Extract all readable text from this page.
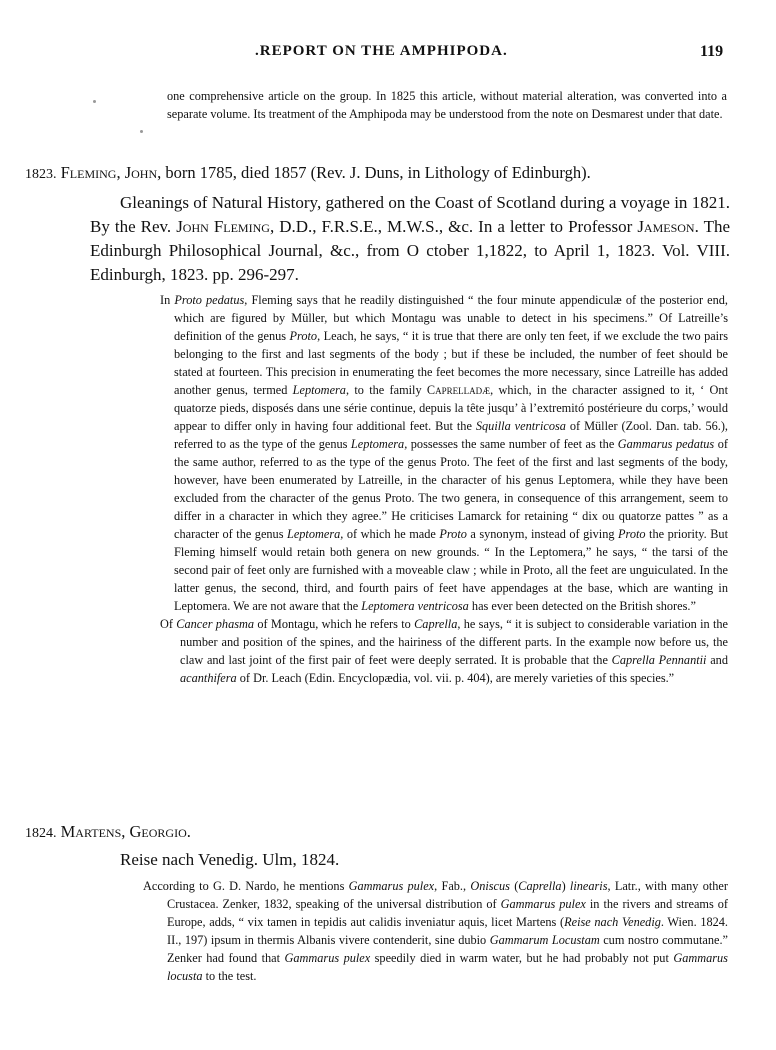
.REPORT ON THE AMPHIPODA.	119
one comprehensive article on the group. In 1825 this article, without material alteration, was converted into a separate volume. Its treatment of the Amphipoda may be understood from the note on Desmarest under that date.
1823. Fleming, John, born 1785, died 1857 (Rev. J. Duns, in Lithology of Edinburgh).
Gleanings of Natural History, gathered on the Coast of Scotland during a voyage in 1821. By the Rev. John Fleming, D.D., F.R.S.E., M.W.S., &c. In a letter to Professor Jameson. The Edinburgh Philosophical Journal, &c., from O ctober 1,1822, to April 1, 1823. Vol. VIII. Edinburgh, 1823. pp. 296-297.

In Proto pedatus, Fleming says that he readily distinguished “ the four minute appendiculæ of the posterior end, which are figured by Müller, but which Montagu was unable to detect in his specimens.” Of Latreille’s definition of the genus Proto, Leach, he says, “ it is true that there are only ten feet, if we exclude the two pairs belonging to the first and last segments of the body ; but if these be included, the number of feet should be stated at fourteen. This precision in enumerating the feet becomes the more necessary, since Latreille has added another genus, termed Leptomera, to the family Caprelladæ, which, in the character assigned to it, ‘ Ont quatorze pieds, disposés dans une série continue, depuis la tête jusqu’ à l’extremitó postérieure du corps,’ would appear to differ only in having four additional feet. But the Squilla ventricosa of Müller (Zool. Dan. tab. 56.), referred to as the type of the genus Leptomera, possesses the same number of feet as the Gammarus pedatus of the same author, referred to as the type of the genus Proto. The feet of the first and last segments of the body, however, have been enumerated by Latreille, in the character of his genus Leptomera, while they have been excluded from the character of the genus Proto. The two genera, in consequence of this arrangement, seem to differ in a character in which they agree.” He criticises Lamarck for retaining “ dix ou quatorze pattes ” as a character of the genus Leptomera, of which he made Proto a synonym, instead of giving Proto the priority. But Fleming himself would retain both genera on new grounds. “ In the Leptomera,” he says, “ the tarsi of the second pair of feet only are furnished with a moveable claw ; while in Proto, all the feet are unguiculated. In the latter genus, the second, third, and fourth pairs of feet have appendages at the base, which are wanting in Leptomera. We are not aware that the Leptomera ventricosa has ever been detected on the British shores.”

Of Cancer phasma of Montagu, which he refers to Caprella, he says, “ it is subject to considerable variation in the number and position of the spines, and the hairiness of the different parts. In the example now before us, the claw and last joint of the first pair of feet were deeply serrated. It is probable that the Caprella Pennantii and acanthifera of Dr. Leach (Edin. Encyclopædia, vol. vii. p. 404), are merely varieties of this species.”

1824. Martens, Georgio.
Reise nach Venedig. Ulm, 1824.

According to G. D. Nardo, he mentions Gammarus pulex, Fab., Oniscus (Caprella) linearis, Latr., with many other Crustacea. Zenker, 1832, speaking of the universal distribution of Gammarus pulex in the rivers and streams of Europe, adds, “ vix tamen in tepidis aut calidis inveniatur aquis, licet Martens (Reise nach Venedig. Wien. 1824. II., 197) ipsum in thermis Albanis vivere contenderit, sine dubio Gammarum Locustam cum nostro commutane.” Zenker had found that Gammarus pulex speedily died in warm water, but he had probably not put Gammarus locusta to the test.
